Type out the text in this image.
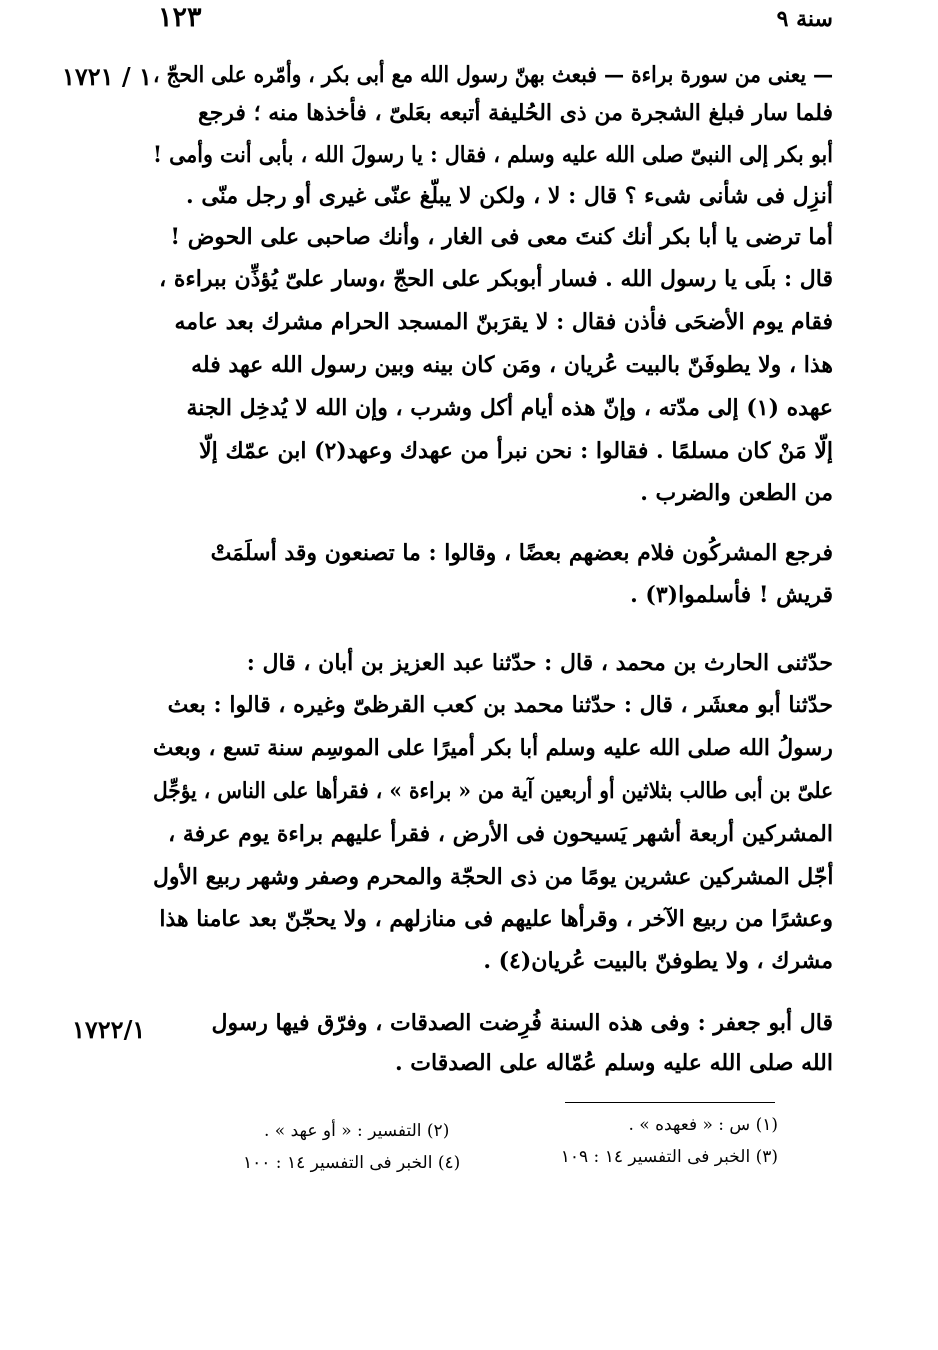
١٢٣	سنة ٩
١ / ١٧٢١
١٧٢٢/١
— يعنى من سورة براءة — فبعث بهنّ رسول الله مع أبى بكر ، وأمّره على الحجّ ،
فلما سار فبلغ الشجرة من ذى الحُليفة أتبعه بعَلىّ ، فأخذها منه ؛ فرجع
أبو بكر إلى النبىّ صلى الله عليه وسلم ، فقال : يا رسولَ الله ، بأبى أنت وأمى !
أنزِل فى شأنى شىء ؟ قال : لا ، ولكن لا يبلّغ عنّى غيرى أو رجل منّى .
أما ترضى يا أبا بكر أنك كنتَ معى فى الغار ، وأنك صاحبى على الحوض !
قال : بلَى يا رسول الله . فسار أبوبكر على الحجّ ،وسار علىّ يُؤذِّن ببراءة ،
فقام يوم الأضحَى فأذن فقال : لا يقرَبنّ المسجد الحرام مشرك بعد عامه
هذا ، ولا يطوفَنّ بالبيت عُريان ، ومَن كان بينه وبين رسول الله عهد فله
عهده (١) إلى مدّته ، وإنّ هذه أيام أكل وشرب ، وإن الله لا يُدخِل الجنة
إلّا مَنْ كان مسلمًا . فقالوا : نحن نبرأ من عهدك وعهد(٢) ابن عمّك إلّا
من الطعن والضرب .
فرجع المشركُون فلام بعضهم بعضًا ، وقالوا : ما تصنعون وقد أسلَمَتْ
قريش ! فأسلموا(٣) .
حدّثنى الحارث بن محمد ، قال : حدّثنا عبد العزيز بن أبان ، قال :
حدّثنا أبو معشَر ، قال : حدّثنا محمد بن كعب القرظىّ وغيره ، قالوا : بعث
رسولُ الله صلى الله عليه وسلم أبا بكر أميرًا على الموسِم سنة تسع ، وبعث
علىّ بن أبى طالب بثلاثين أو أربعين آية من « براءة » ، فقرأها على الناس ، يؤجِّل
المشركين أربعة أشهر يَسيحون فى الأرض ، فقرأ عليهم براءة يوم عرفة ،
أجّل المشركين عشرين يومًا من ذى الحجّة والمحرم وصفر وشهر ربيع الأول
وعشرًا من ربيع الآخر ، وقرأها عليهم فى منازلهم ، ولا يحجّنّ بعد عامنا هذا
مشرك ، ولا يطوفنّ بالبيت عُريان(٤) .
قال أبو جعفر : وفى هذه السنة فُرِضت الصدقات ، وفرّق فيها رسول
الله صلى الله عليه وسلم عُمّاله على الصدقات .
(١) س : « فعهده » .
(٢) التفسير : « أو عهد » .
(٣) الخبر فى التفسير ١٤ : ١٠٩
(٤) الخبر فى التفسير ١٤ : ١٠٠
